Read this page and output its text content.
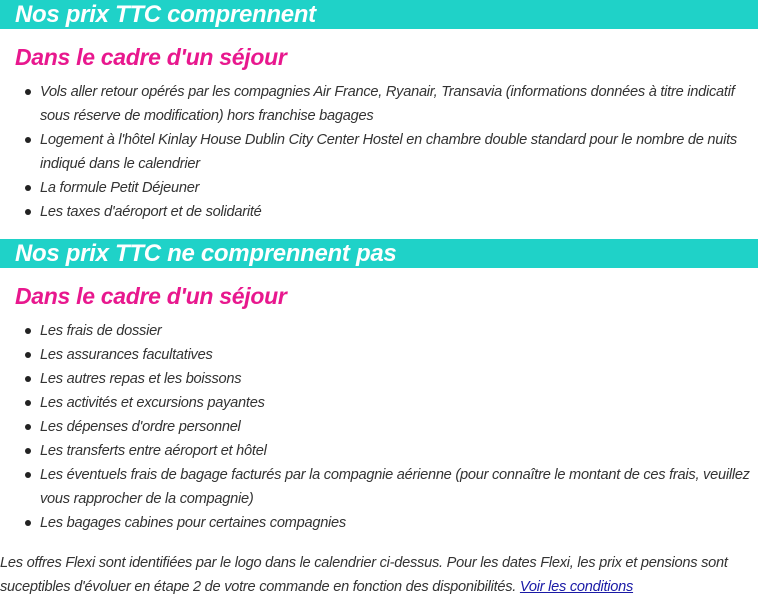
Nos prix TTC comprennent
Dans le cadre d'un séjour
Vols aller retour opérés par les compagnies Air France, Ryanair, Transavia (informations données à titre indicatif sous réserve de modification) hors franchise bagages
Logement à l'hôtel Kinlay House Dublin City Center Hostel en chambre double standard pour le nombre de nuits indiqué dans le calendrier
La formule Petit Déjeuner
Les taxes d'aéroport et de solidarité
Nos prix TTC ne comprennent pas
Dans le cadre d'un séjour
Les frais de dossier
Les assurances facultatives
Les autres repas et les boissons
Les activités et excursions payantes
Les dépenses d'ordre personnel
Les transferts entre aéroport et hôtel
Les éventuels frais de bagage facturés par la compagnie aérienne (pour connaître le montant de ces frais, veuillez vous rapprocher de la compagnie)
Les bagages cabines pour certaines compagnies

Les offres Flexi sont identifiées par le logo dans le calendrier ci-dessus. Pour les dates Flexi, les prix et pensions sont suceptibles d'évoluer en étape 2 de votre commande en fonction des disponibilités. Voir les conditions
